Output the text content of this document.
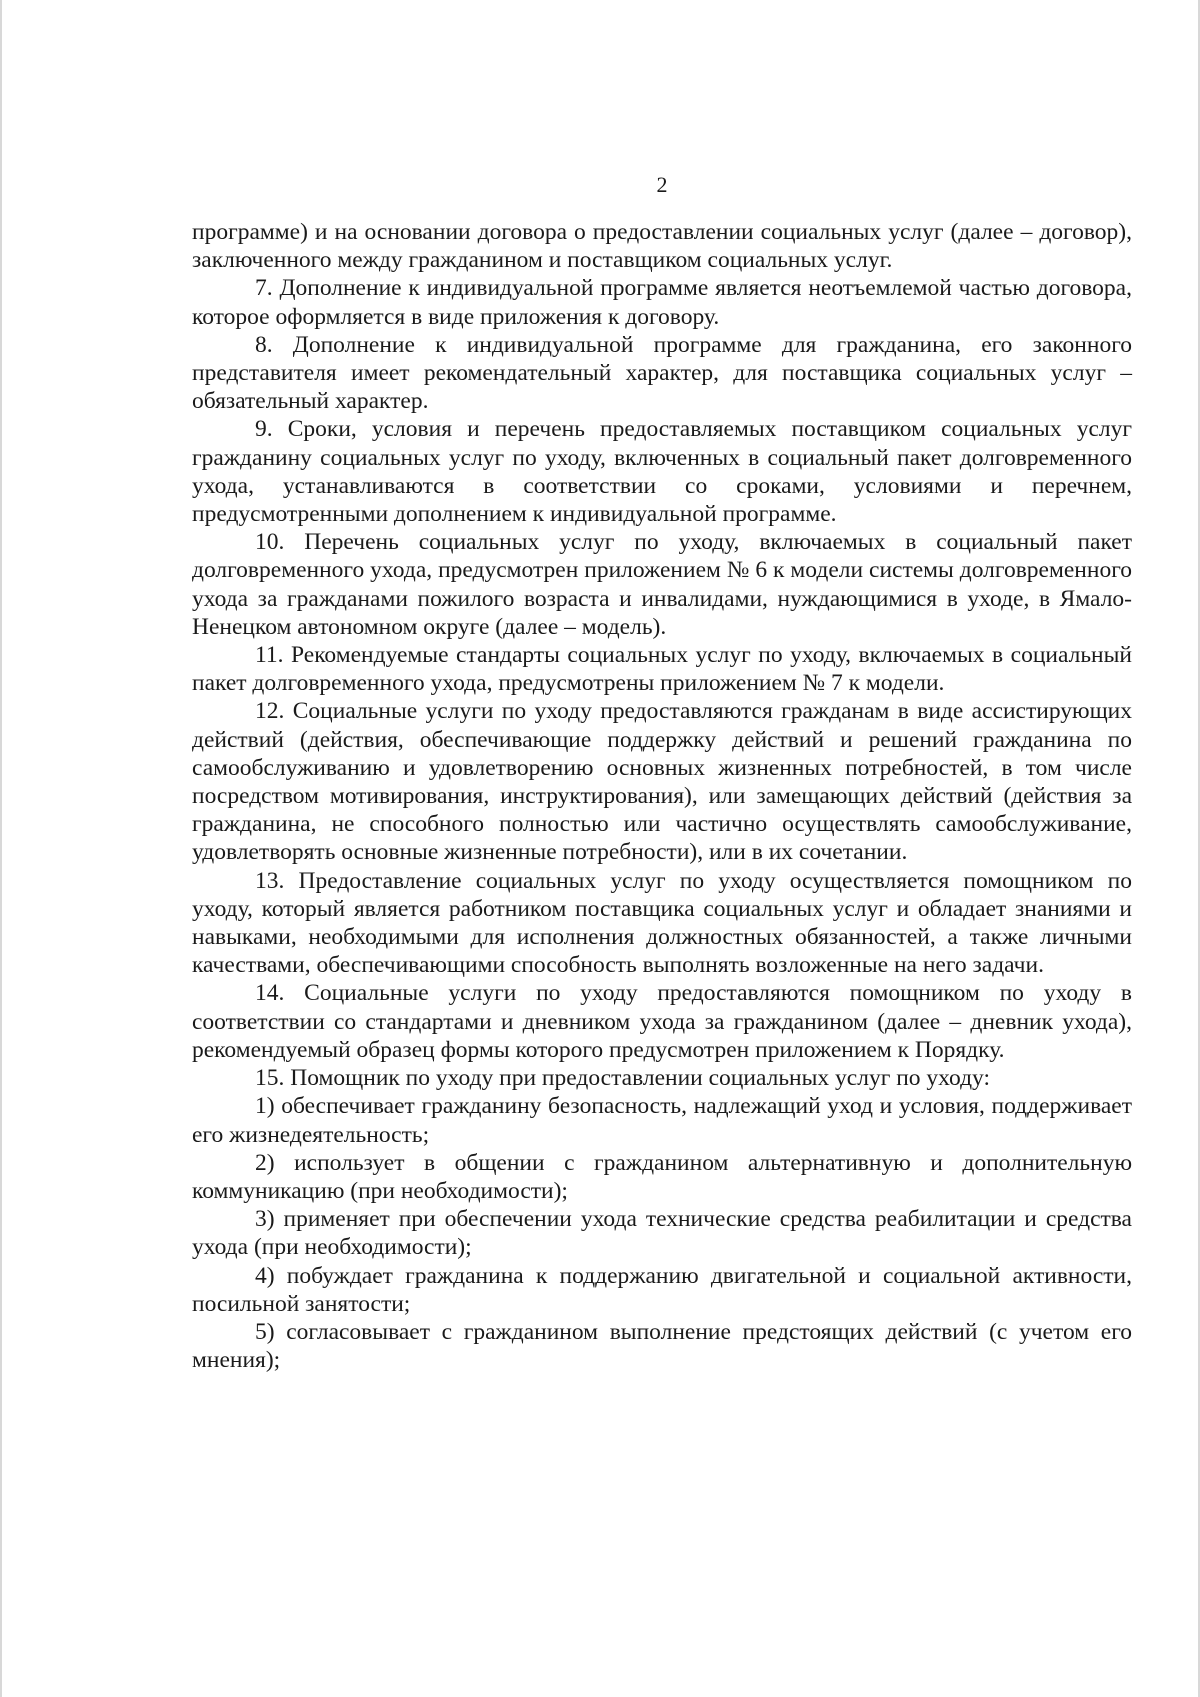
2

программе) и на основании договора о предоставлении социальных услуг (далее – договор), заключенного между гражданином и поставщиком социальных услуг.

7. Дополнение к индивидуальной программе является неотъемлемой частью договора, которое оформляется в виде приложения к договору.

8. Дополнение к индивидуальной программе для гражданина, его законного представителя имеет рекомендательный характер, для поставщика социальных услуг – обязательный характер.

9. Сроки, условия и перечень предоставляемых поставщиком социальных услуг гражданину социальных услуг по уходу, включенных в социальный пакет долговременного ухода, устанавливаются в соответствии со сроками, условиями и перечнем, предусмотренными дополнением к индивидуальной программе.

10. Перечень социальных услуг по уходу, включаемых в социальный пакет долговременного ухода, предусмотрен приложением № 6 к модели системы долговременного ухода за гражданами пожилого возраста и инвалидами, нуждающимися в уходе, в Ямало-Ненецком автономном округе (далее – модель).

11. Рекомендуемые стандарты социальных услуг по уходу, включаемых в социальный пакет долговременного ухода, предусмотрены приложением № 7 к модели.

12. Социальные услуги по уходу предоставляются гражданам в виде ассистирующих действий (действия, обеспечивающие поддержку действий и решений гражданина по самообслуживанию и удовлетворению основных жизненных потребностей, в том числе посредством мотивирования, инструктирования), или замещающих действий (действия за гражданина, не способного полностью или частично осуществлять самообслуживание, удовлетворять основные жизненные потребности), или в их сочетании.

13. Предоставление социальных услуг по уходу осуществляется помощником по уходу, который является работником поставщика социальных услуг и обладает знаниями и навыками, необходимыми для исполнения должностных обязанностей, а также личными качествами, обеспечивающими способность выполнять возложенные на него задачи.

14. Социальные услуги по уходу предоставляются помощником по уходу в соответствии со стандартами и дневником ухода за гражданином (далее – дневник ухода), рекомендуемый образец формы которого предусмотрен приложением к Порядку.

15. Помощник по уходу при предоставлении социальных услуг по уходу:

1) обеспечивает гражданину безопасность, надлежащий уход и условия, поддерживает его жизнедеятельность;

2) использует в общении с гражданином альтернативную и дополнительную коммуникацию (при необходимости);

3) применяет при обеспечении ухода технические средства реабилитации и средства ухода (при необходимости);

4) побуждает гражданина к поддержанию двигательной и социальной активности, посильной занятости;

5) согласовывает с гражданином выполнение предстоящих действий (с учетом его мнения);
